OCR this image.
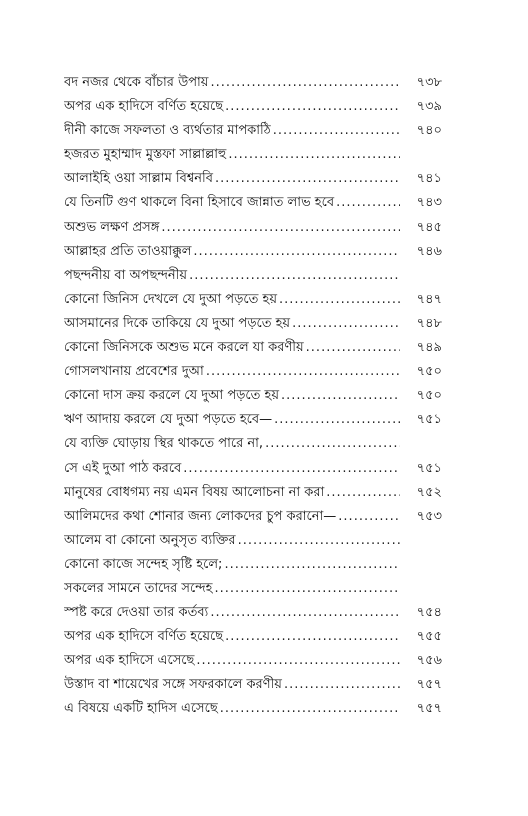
বদ নজর থেকে বাঁচার উপায় .....	৭৩৮
অপর এক হাদিসে বর্ণিত হয়েছে .....	৭৩৯
দীনী কাজে সফলতা ও ব্যর্থতার মাপকাঠি .....	৭৪০
হজরত মুহাম্মাদ মুস্তফা সাল্লাল্লাহু
.....
আলাইহি ওয়া সাল্লাম বিশ্বনবি .....	৭৪১
যে তিনটি গুণ থাকলে বিনা হিসাবে জান্নাত লাভ হবে .....	৭৪৩
অশুভ লক্ষণ প্রসঙ্গ .....	৭৪৫
আল্লাহর প্রতি তাওয়াক্কুল .....	৭৪৬
পছন্দনীয় বা অপছন্দনীয়
.....
কোনো জিনিস দেখলে যে দুআ পড়তে হয় .....	৭৪৭
আসমানের দিকে তাকিয়ে যে দুআ পড়তে হয় .....	৭৪৮
কোনো জিনিসকে অশুভ মনে করলে যা করণীয় .....	৭৪৯
গোসলখানায় প্রবেশের দুআ .....	৭৫০
কোনো দাস ক্রয় করলে যে দুআ পড়তে হয় .....	৭৫০
ঋণ আদায় করলে যে দুআ পড়তে হবে— .....	৭৫১
যে ব্যক্তি ঘোড়ায় স্থির থাকতে পারে না,
.....
সে এই দুআ পাঠ করবে .....	৭৫১
মানুষের বোধগম্য নয় এমন বিষয় আলোচনা না করা .....	৭৫২
আলিমদের কথা শোনার জন্য লোকদের চুপ করানো— .....	৭৫৩
আলেম বা কোনো অনুসৃত ব্যক্তির
.....
কোনো কাজে সন্দেহ সৃষ্টি হলে;
.....
সকলের সামনে তাদের সন্দেহ
.....
স্পষ্ট করে দেওয়া তার কর্তব্য .....	৭৫৪
অপর এক হাদিসে বর্ণিত হয়েছে .....	৭৫৫
অপর এক হাদিসে এসেছে .....	৭৫৬
উস্তাদ বা শায়েখের সঙ্গে সফরকালে করণীয় .....	৭৫৭
এ বিষয়ে একটি হাদিস এসেছে .....	৭৫৭
